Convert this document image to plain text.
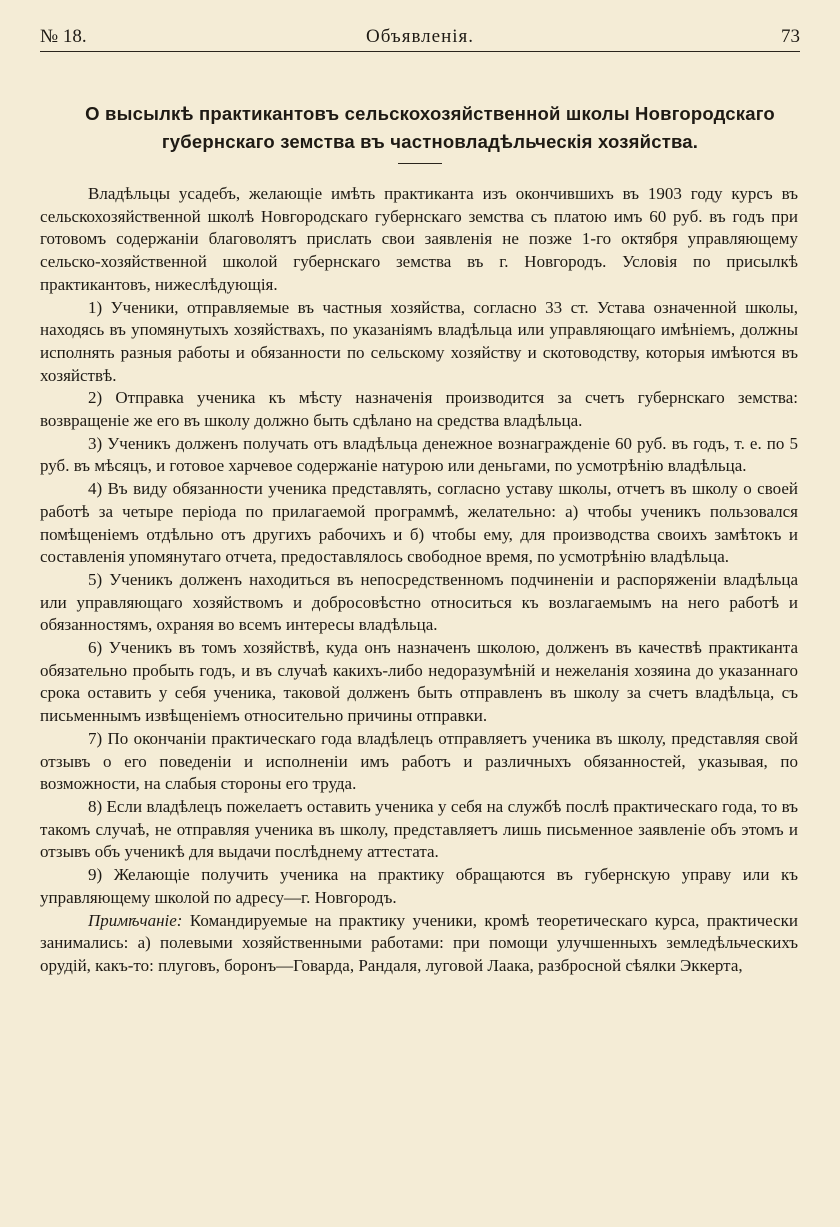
№ 18.	Объявленія.	73
О высылкѣ практикантовъ сельскохозяйственной школы Новгородскаго губернскаго земства въ частновладѣльческія хозяйства.

Владѣльцы усадебъ, желающіе имѣть практиканта изъ окончившихъ въ 1903 году курсъ въ сельскохозяйственной школѣ Новгородскаго губернскаго земства съ платою имъ 60 руб. въ годъ при готовомъ содержаніи благоволятъ прислать свои заявленія не позже 1-го октября управляющему сельско-хозяйственной школой губернскаго земства въ г. Новгородъ. Условія по присылкѣ практикантовъ, нижеслѣдующія.

1) Ученики, отправляемые въ частныя хозяйства, согласно 33 ст. Устава означенной школы, находясь въ упомянутыхъ хозяйствахъ, по указаніямъ владѣльца или управляющаго имѣніемъ, должны исполнять разныя работы и обязанности по сельскому хозяйству и скотоводству, которыя имѣются въ хозяйствѣ.

2) Отправка ученика къ мѣсту назначенія производится за счетъ губернскаго земства: возвращеніе же его въ школу должно быть сдѣлано на средства владѣльца.

3) Ученикъ долженъ получать отъ владѣльца денежное вознагражденіе 60 руб. въ годъ, т. е. по 5 руб. въ мѣсяцъ, и готовое харчевое содержаніе натурою или деньгами, по усмотрѣнію владѣльца.

4) Въ виду обязанности ученика представлять, согласно уставу школы, отчетъ въ школу о своей работѣ за четыре періода по прилагаемой программѣ, желательно: а) чтобы ученикъ пользовался помѣщеніемъ отдѣльно отъ другихъ рабочихъ и б) чтобы ему, для производства своихъ замѣтокъ и составленія упомянутаго отчета, предоставлялось свободное время, по усмотрѣнію владѣльца.

5) Ученикъ долженъ находиться въ непосредственномъ подчиненіи и распоряженіи владѣльца или управляющаго хозяйствомъ и добросовѣстно относиться къ возлагаемымъ на него работѣ и обязанностямъ, охраняя во всемъ интересы владѣльца.

6) Ученикъ въ томъ хозяйствѣ, куда онъ назначенъ школою, долженъ въ качествѣ практиканта обязательно пробыть годъ, и въ случаѣ какихъ-либо недоразумѣній и нежеланія хозяина до указаннаго срока оставить у себя ученика, таковой долженъ быть отправленъ въ школу за счетъ владѣльца, съ письменнымъ извѣщеніемъ относительно причины отправки.

7) По окончаніи практическаго года владѣлецъ отправляетъ ученика въ школу, представляя свой отзывъ о его поведеніи и исполненіи имъ работъ и различныхъ обязанностей, указывая, по возможности, на слабыя стороны его труда.

8) Если владѣлецъ пожелаетъ оставить ученика у себя на службѣ послѣ практическаго года, то въ такомъ случаѣ, не отправляя ученика въ школу, представляетъ лишь письменное заявленіе объ этомъ и отзывъ объ ученикѣ для выдачи послѣднему аттестата.

9) Желающіе получить ученика на практику обращаются въ губернскую управу или къ управляющему школой по адресу—г. Новгородъ.

Примѣчаніе: Командируемые на практику ученики, кромѣ теоретическаго курса, практически занимались: а) полевыми хозяйственными работами: при помощи улучшенныхъ земледѣльческихъ орудій, какъ-то: плуговъ, боронъ—Говарда, Рандаля, луговой Лаака, разбросной сѣялки Эккерта,
